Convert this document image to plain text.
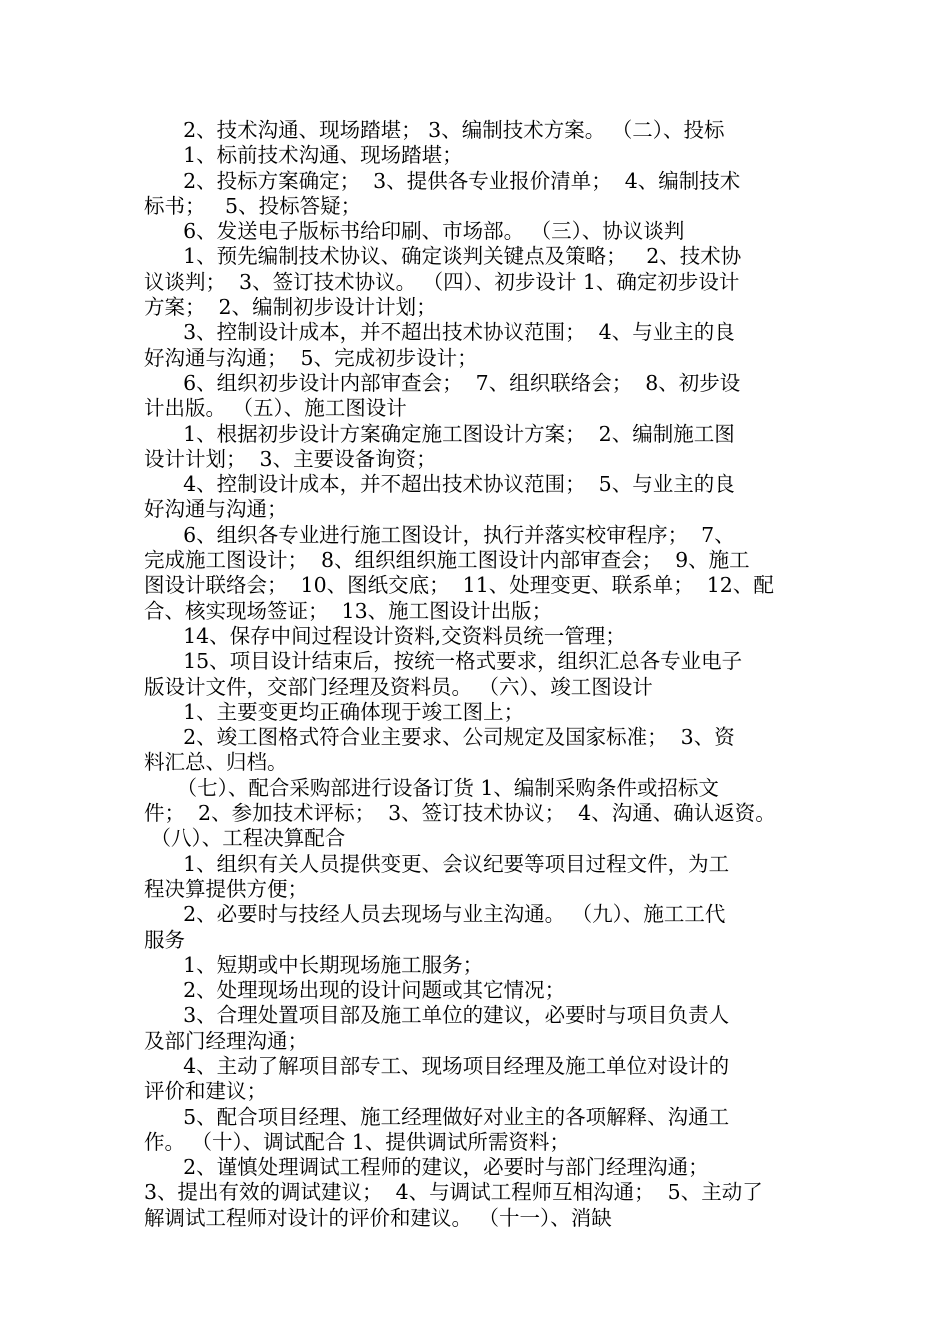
2、技术沟通、现场踏堪； 3、编制技术方案。 （二）、投标
1、标前技术沟通、现场踏堪；
2、投标方案确定；  3、提供各专业报价清单；  4、编制技术
标书；   5、投标答疑；
6、发送电子版标书给印刷、市场部。 （三）、协议谈判
1、预先编制技术协议、确定谈判关键点及策略；   2、技术协
议谈判；  3、签订技术协议。 （四）、初步设计 1、确定初步设计
方案；  2、编制初步设计计划；
3、控制设计成本，并不超出技术协议范围；  4、与业主的良
好沟通与沟通；  5、完成初步设计；
6、组织初步设计内部审查会；  7、组织联络会；  8、初步设
计出版。 （五）、施工图设计
1、根据初步设计方案确定施工图设计方案；  2、编制施工图
设计计划；  3、主要设备询资；
4、控制设计成本，并不超出技术协议范围；  5、与业主的良
好沟通与沟通；
6、组织各专业进行施工图设计，执行并落实校审程序；  7、
完成施工图设计；  8、组织组织施工图设计内部审查会；  9、施工
图设计联络会；  10、图纸交底；  11、处理变更、联系单；  12、配
合、核实现场签证；  13、施工图设计出版；
14、保存中间过程设计资料,交资料员统一管理；
15、项目设计结束后，按统一格式要求，组织汇总各专业电子
版设计文件，交部门经理及资料员。 （六）、竣工图设计
1、主要变更均正确体现于竣工图上；
2、竣工图格式符合业主要求、公司规定及国家标准；  3、资
料汇总、归档。
（七）、配合采购部进行设备订货 1、编制采购条件或招标文
件；  2、参加技术评标；  3、签订技术协议；  4、沟通、确认返资。
（八）、工程决算配合
1、组织有关人员提供变更、会议纪要等项目过程文件，为工
程决算提供方便；
2、必要时与技经人员去现场与业主沟通。 （九）、施工工代
服务
1、短期或中长期现场施工服务；
2、处理现场出现的设计问题或其它情况；
3、合理处置项目部及施工单位的建议，必要时与项目负责人
及部门经理沟通；
4、主动了解项目部专工、现场项目经理及施工单位对设计的
评价和建议；
5、配合项目经理、施工经理做好对业主的各项解释、沟通工
作。 （十）、调试配合 1、提供调试所需资料；
2、谨慎处理调试工程师的建议，必要时与部门经理沟通；
3、提出有效的调试建议；  4、与调试工程师互相沟通；  5、主动了
解调试工程师对设计的评价和建议。 （十一）、消缺
